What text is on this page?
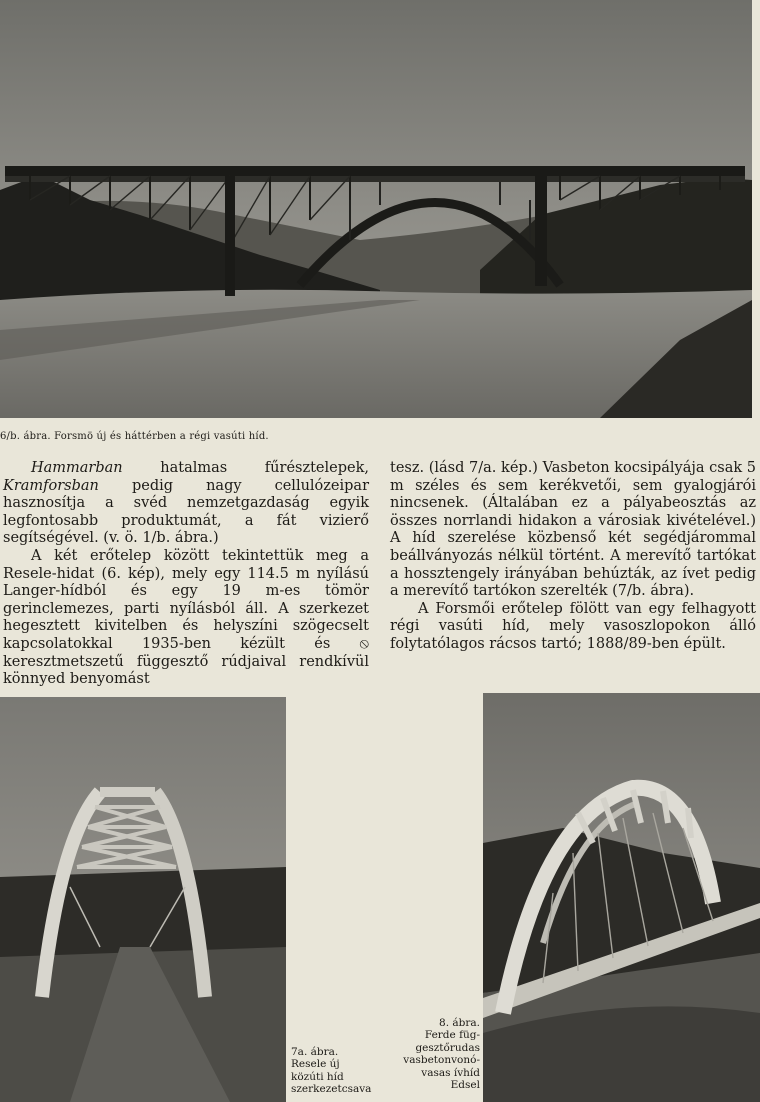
6/b. ábra. Forsmö új és háttérben a régi vasúti híd.

Hammarban hatalmas fűrésztelepek, Kramforsban pedig nagy cellulózeipar hasznosítja a svéd nemzetgazdaság egyik legfontosabb produktumát, a fát vizierő segítségével. (v. ö. 1/b. ábra.)

A két erőtelep között tekintettük meg a Resele-hidat (6. kép), mely egy 114.5 m nyílású Langer-hídból és egy 19 m-es tömör gerinclemezes, parti nyílásból áll. A szerkezet hegesztett kivitelben és helyszíni szögecselt kapcsolatokkal 1935-ben kézült és ⦸ keresztmetszetű függesztő rúdjaival rendkívül könnyed benyomást

tesz. (lásd 7/a. kép.) Vasbeton kocsipályája csak 5 m széles és sem kerékvetői, sem gyalogjárói nincsenek. (Általában ez a pályabeosztás az összes norrlandi hidakon a városiak kivételével.) A híd szerelése közbenső két segédjárommal beállványozás nélkül történt. A merevítő tartókat a hossztengely irányában behúzták, az ívet pedig a merevítő tartókon szerelték (7/b. ábra).

A Forsmői erőtelep fölött van egy felhagyott régi vasúti híd, mely vasoszlopokon álló folytatólagos rácsos tartó; 1888/89-ben épült.

7a. ábra.
Resele új
közúti híd
szerkezetcsava
8. ábra.
Ferde füg-
gesztőrudas
vasbetonvonó-
vasas ívhíd
Edsel
